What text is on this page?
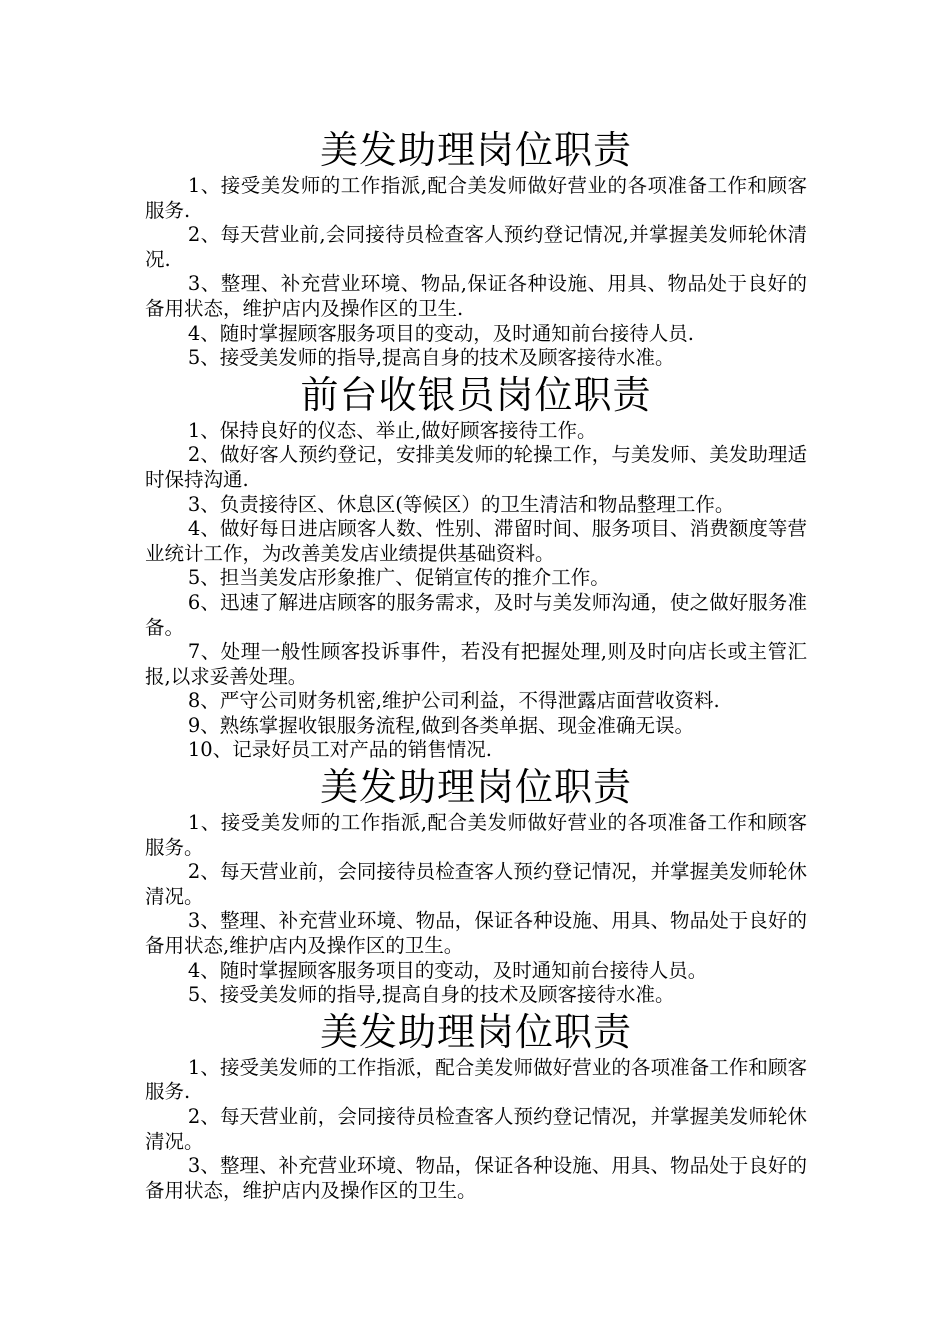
美发助理岗位职责

1、接受美发师的工作指派,配合美发师做好营业的各项准备工作和顾客服务.

2、每天营业前,会同接待员检查客人预约登记情况,并掌握美发师轮休清况.

3、整理、补充营业环境、物品,保证各种设施、用具、物品处于良好的备用状态，维护店内及操作区的卫生.

4、随时掌握顾客服务项目的变动，及时通知前台接待人员.

5、接受美发师的指导,提高自身的技术及顾客接待水准。

前台收银员岗位职责

1、保持良好的仪态、举止,做好顾客接待工作。

2、做好客人预约登记，安排美发师的轮操工作，与美发师、美发助理适时保持沟通.

3、负责接待区、休息区(等候区）的卫生清洁和物品整理工作。

4、做好每日进店顾客人数、性别、滞留时间、服务项目、消费额度等营业统计工作，为改善美发店业绩提供基础资料。

5、担当美发店形象推广、促销宣传的推介工作。

6、迅速了解进店顾客的服务需求，及时与美发师沟通，使之做好服务准备。

7、处理一般性顾客投诉事件，若没有把握处理,则及时向店长或主管汇报,以求妥善处理。

8、严守公司财务机密,维护公司利益，不得泄露店面营收资料.

9、熟练掌握收银服务流程,做到各类单据、现金准确无误。

10、记录好员工对产品的销售情况.

美发助理岗位职责

1、接受美发师的工作指派,配合美发师做好营业的各项准备工作和顾客服务。

2、每天营业前，会同接待员检查客人预约登记情况，并掌握美发师轮休清况。

3、整理、补充营业环境、物品，保证各种设施、用具、物品处于良好的备用状态,维护店内及操作区的卫生。

4、随时掌握顾客服务项目的变动，及时通知前台接待人员。

5、接受美发师的指导,提高自身的技术及顾客接待水准。

美发助理岗位职责

1、接受美发师的工作指派，配合美发师做好营业的各项准备工作和顾客服务.

2、每天营业前，会同接待员检查客人预约登记情况，并掌握美发师轮休清况。

3、整理、补充营业环境、物品，保证各种设施、用具、物品处于良好的备用状态，维护店内及操作区的卫生。
